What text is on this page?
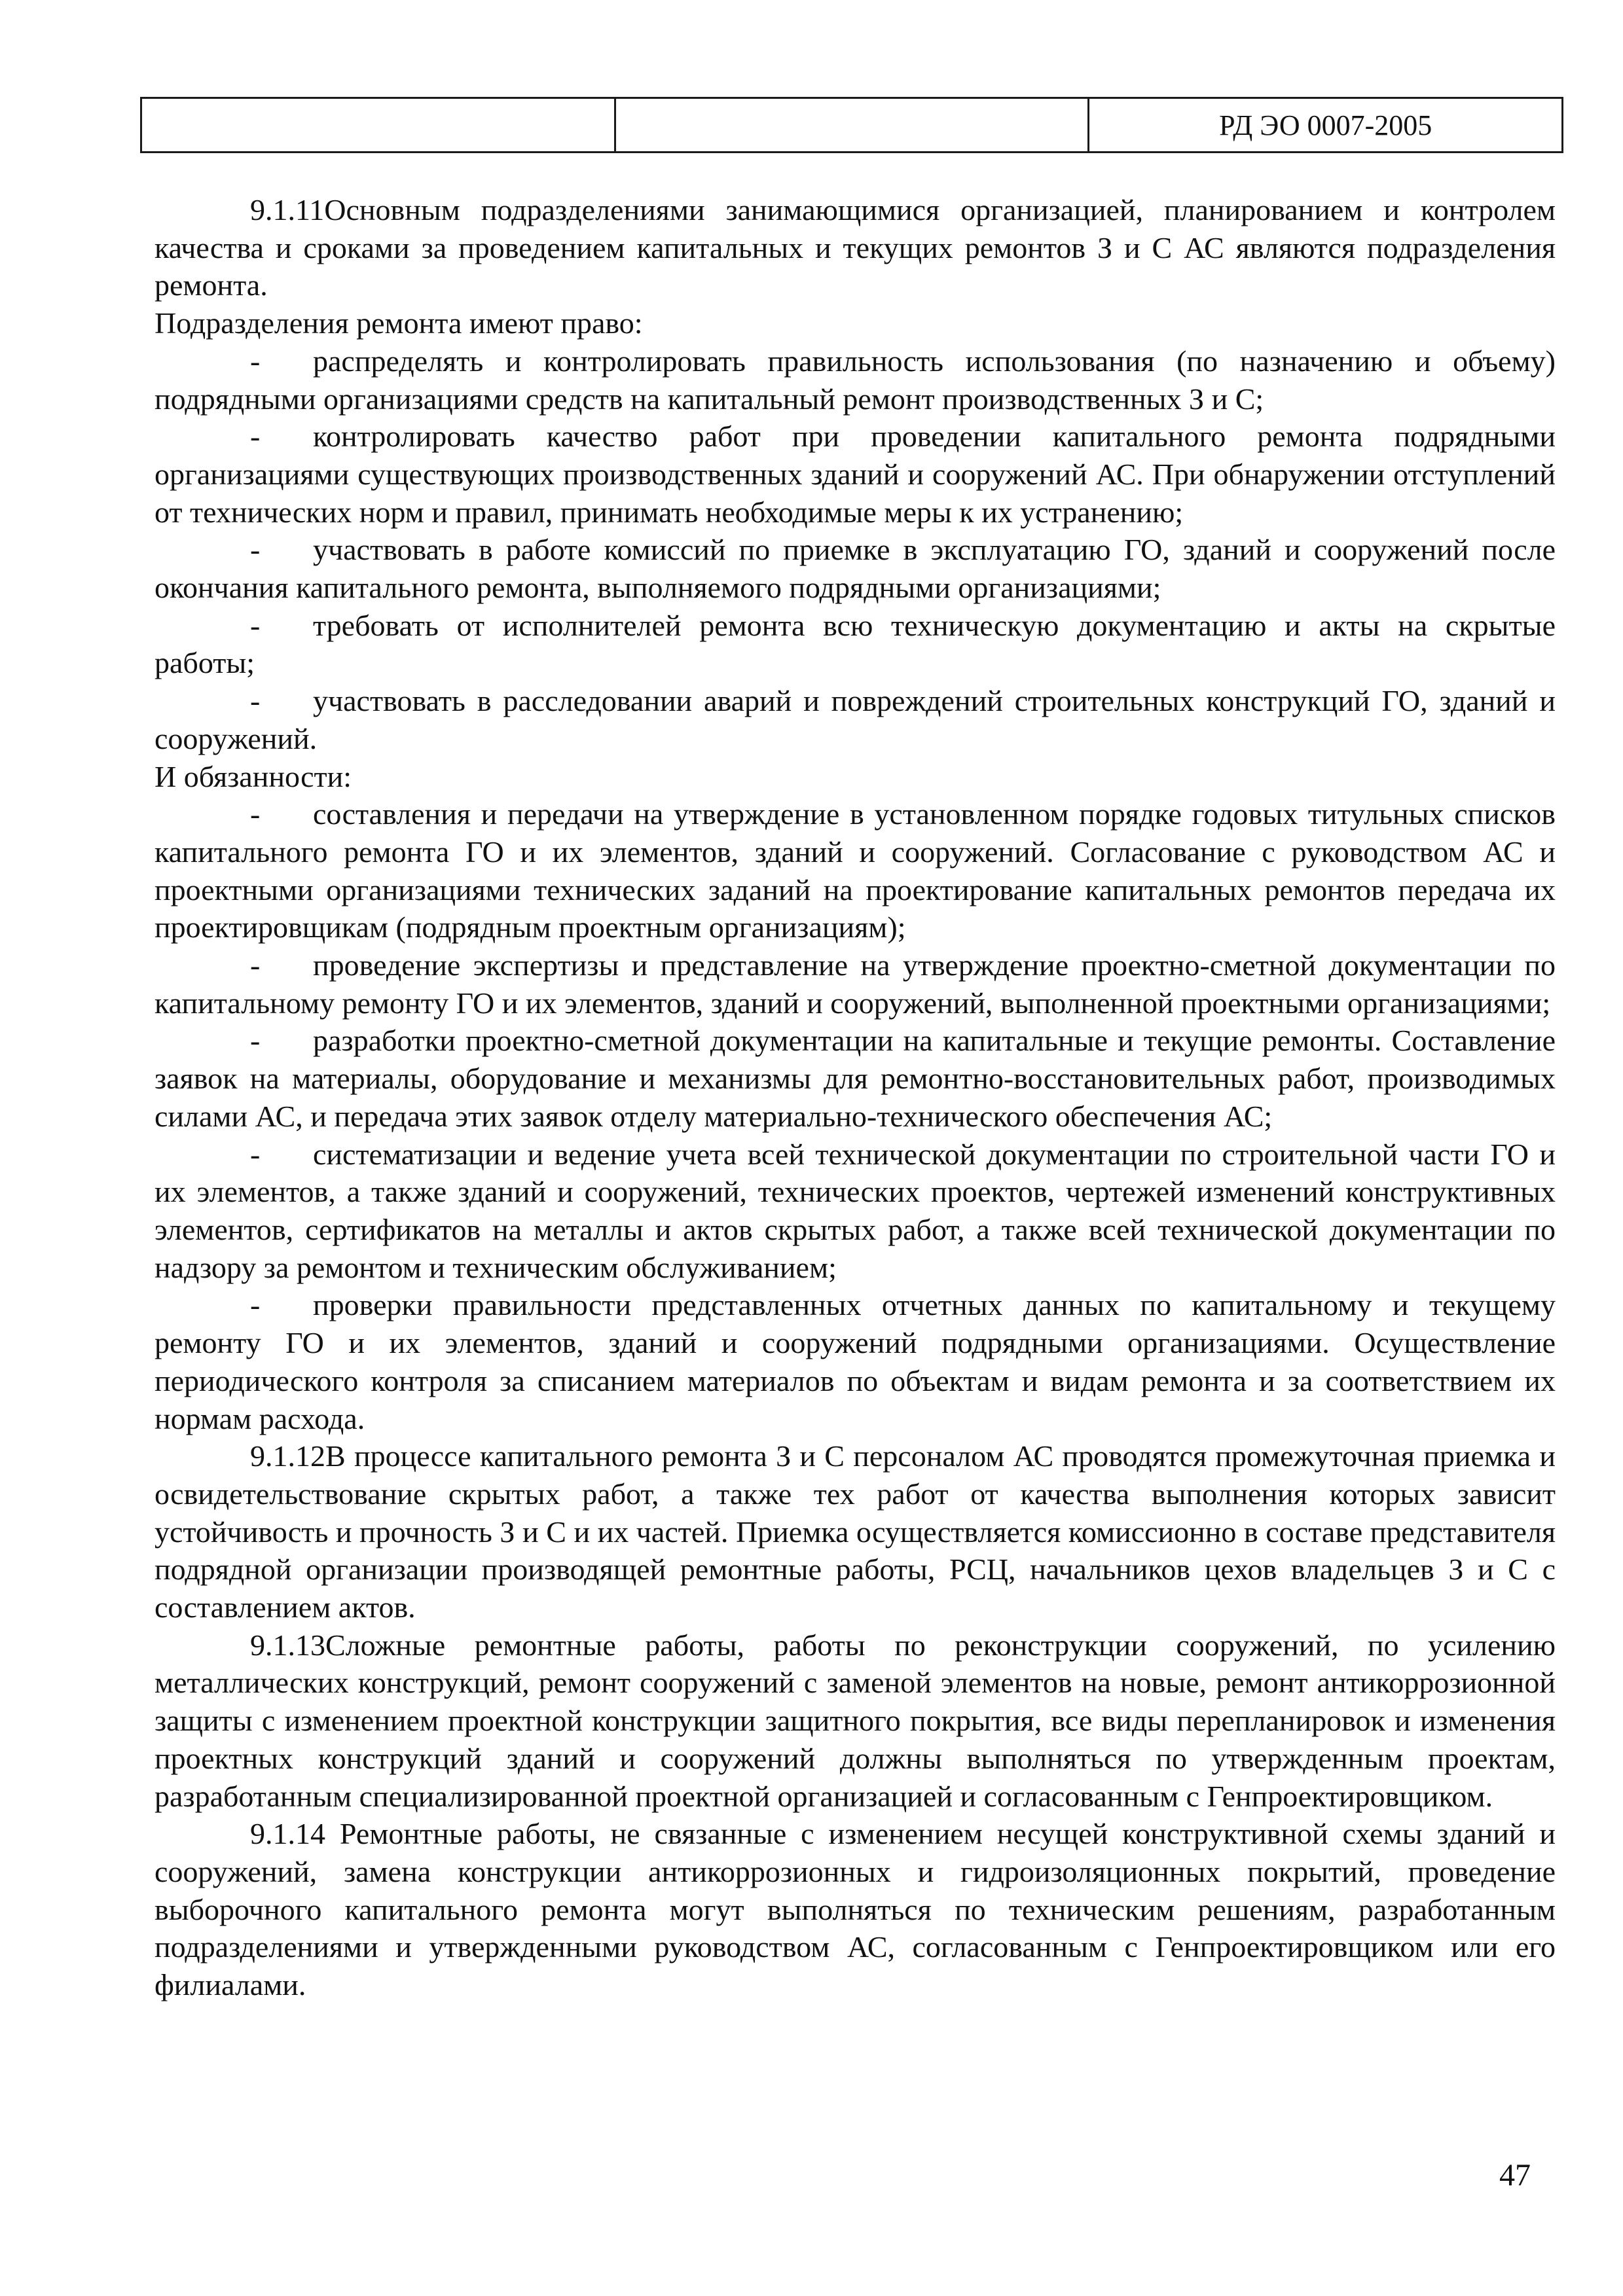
		РД ЭО 0007-2005

9.1.11Основным подразделениями занимающимися организацией, планированием и контролем качества и сроками за проведением капитальных и текущих ремонтов З и С АС являются подразделения ремонта.

Подразделения ремонта имеют право:

- распределять и контролировать правильность использования (по назначению и объему) подрядными организациями средств на капитальный ремонт производственных З и С;

- контролировать качество работ при проведении капитального ремонта подрядными организациями существующих производственных зданий и сооружений АС. При обнаружении отступлений от технических норм и правил, принимать необходимые меры к их устранению;

- участвовать в работе комиссий по приемке в эксплуатацию ГО, зданий и сооружений после окончания капитального ремонта, выполняемого подрядными организациями;

- требовать от исполнителей ремонта всю техническую документацию и акты на скрытые работы;

- участвовать в расследовании аварий и повреждений строительных конструкций ГО, зданий и сооружений.

И обязанности:

- составления и передачи на утверждение в установленном порядке годовых титульных списков капитального ремонта ГО и их элементов, зданий и сооружений. Согласование с руководством АС и проектными организациями технических заданий на проектирование капитальных ремонтов передача их проектировщикам (подрядным проектным организациям);

- проведение экспертизы и представление на утверждение проектно-сметной документации по капитальному ремонту ГО и их элементов, зданий и сооружений, выполненной проектными организациями;

- разработки проектно-сметной документации на капитальные и текущие ремонты. Составление заявок на материалы, оборудование и механизмы для ремонтно-восстановительных работ, производимых силами АС, и передача этих заявок отделу материально-технического обеспечения АС;

- систематизации и ведение учета всей технической документации по строительной части ГО и их элементов, а также зданий и сооружений, технических проектов, чертежей изменений конструктивных элементов, сертификатов на металлы и актов скрытых работ, а также всей технической документации по надзору за ремонтом и техническим обслуживанием;

- проверки правильности представленных отчетных данных по капитальному и текущему ремонту ГО и их элементов, зданий и сооружений подрядными организациями. Осуществление периодического контроля за списанием материалов по объектам и видам ремонта и за соответствием их нормам расхода.

9.1.12В процессе капитального ремонта З и С персоналом АС проводятся промежуточная приемка и освидетельствование скрытых работ, а также тех работ от качества выполнения которых зависит устойчивость и прочность З и С и их частей. Приемка осуществляется комиссионно в составе представителя подрядной организации производящей ремонтные работы, РСЦ, начальников цехов владельцев З и С с составлением актов.

9.1.13Сложные ремонтные работы, работы по реконструкции сооружений, по усилению металлических конструкций, ремонт сооружений с заменой элементов на новые, ремонт антикоррозионной защиты с изменением проектной конструкции защитного покрытия, все виды перепланировок и изменения проектных конструкций зданий и сооружений должны выполняться по утвержденным проектам, разработанным специализированной проектной организацией и согласованным с Генпроектировщиком.

9.1.14 Ремонтные работы, не связанные с изменением несущей конструктивной схемы зданий и сооружений, замена конструкции антикоррозионных и гидроизоляционных покрытий, проведение выборочного капитального ремонта могут выполняться по техническим решениям, разработанным подразделениями и утвержденными руководством АС, согласованным с Генпроектировщиком или его филиалами.

47
